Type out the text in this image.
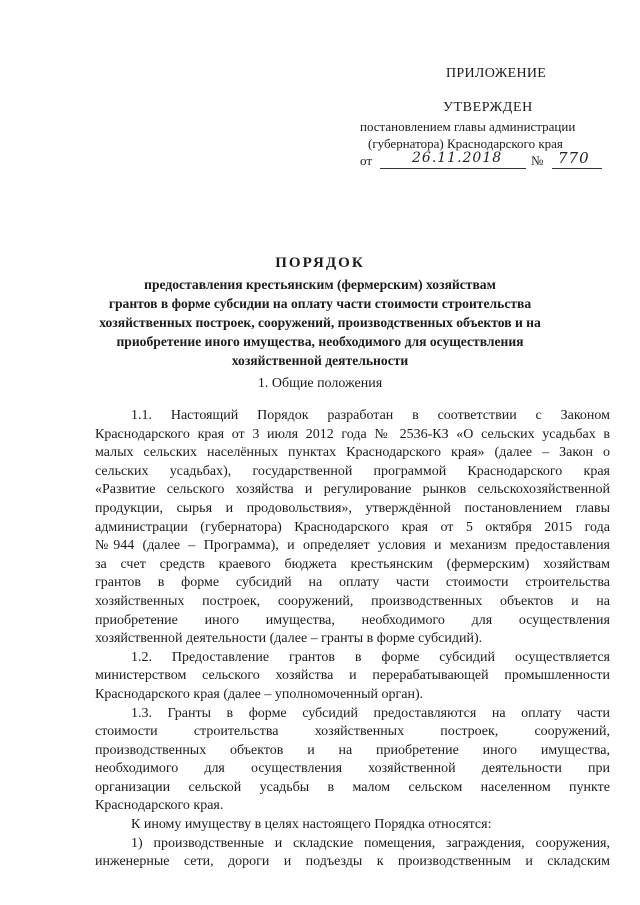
ПРИЛОЖЕНИЕ
УТВЕРЖДЕН
постановлением главы администрации
(губернатора) Краснодарского края
от	26.11.2018 № 770
ПОРЯДОК
предоставления крестьянским (фермерским) хозяйствам
грантов в форме субсидии на оплату части стоимости строительства
хозяйственных построек, сооружений, производственных объектов и на
приобретение иного имущества, необходимого для осуществления
хозяйственной деятельности
1. Общие положения
1.1. Настоящий Порядок разработан в соответствии с Законом
Краснодарского края от 3 июля 2012 года № 2536-КЗ «О сельских усадьбах в
малых сельских населённых пунктах Краснодарского края» (далее – Закон о
сельских усадьбах), государственной программой Краснодарского края
«Развитие сельского хозяйства и регулирование рынков сельскохозяйственной
продукции, сырья и продовольствия», утверждённой постановлением главы
администрации (губернатора) Краснодарского края от 5 октября 2015 года
№944 (далее – Программа), и определяет условия и механизм предоставления
за счет средств краевого бюджета крестьянским (фермерским) хозяйствам
грантов в форме субсидий на оплату части стоимости строительства
хозяйственных построек, сооружений, производственных объектов и на
приобретение иного имущества, необходимого для осуществления
хозяйственной деятельности (далее – гранты в форме субсидий).
1.2. Предоставление грантов в форме субсидий осуществляется
министерством сельского хозяйства и перерабатывающей промышленности
Краснодарского края (далее – уполномоченный орган).
1.3. Гранты в форме субсидий предоставляются на оплату части
стоимости строительства хозяйственных построек, сооружений,
производственных объектов и на приобретение иного имущества,
необходимого для осуществления хозяйственной деятельности при
организации сельской усадьбы в малом сельском населенном пункте
Краснодарского края.
К иному имуществу в целях настоящего Порядка относятся:
1) производственные и складские помещения, заграждения, сооружения,
инженерные сети, дороги и подъезды к производственным и складским
